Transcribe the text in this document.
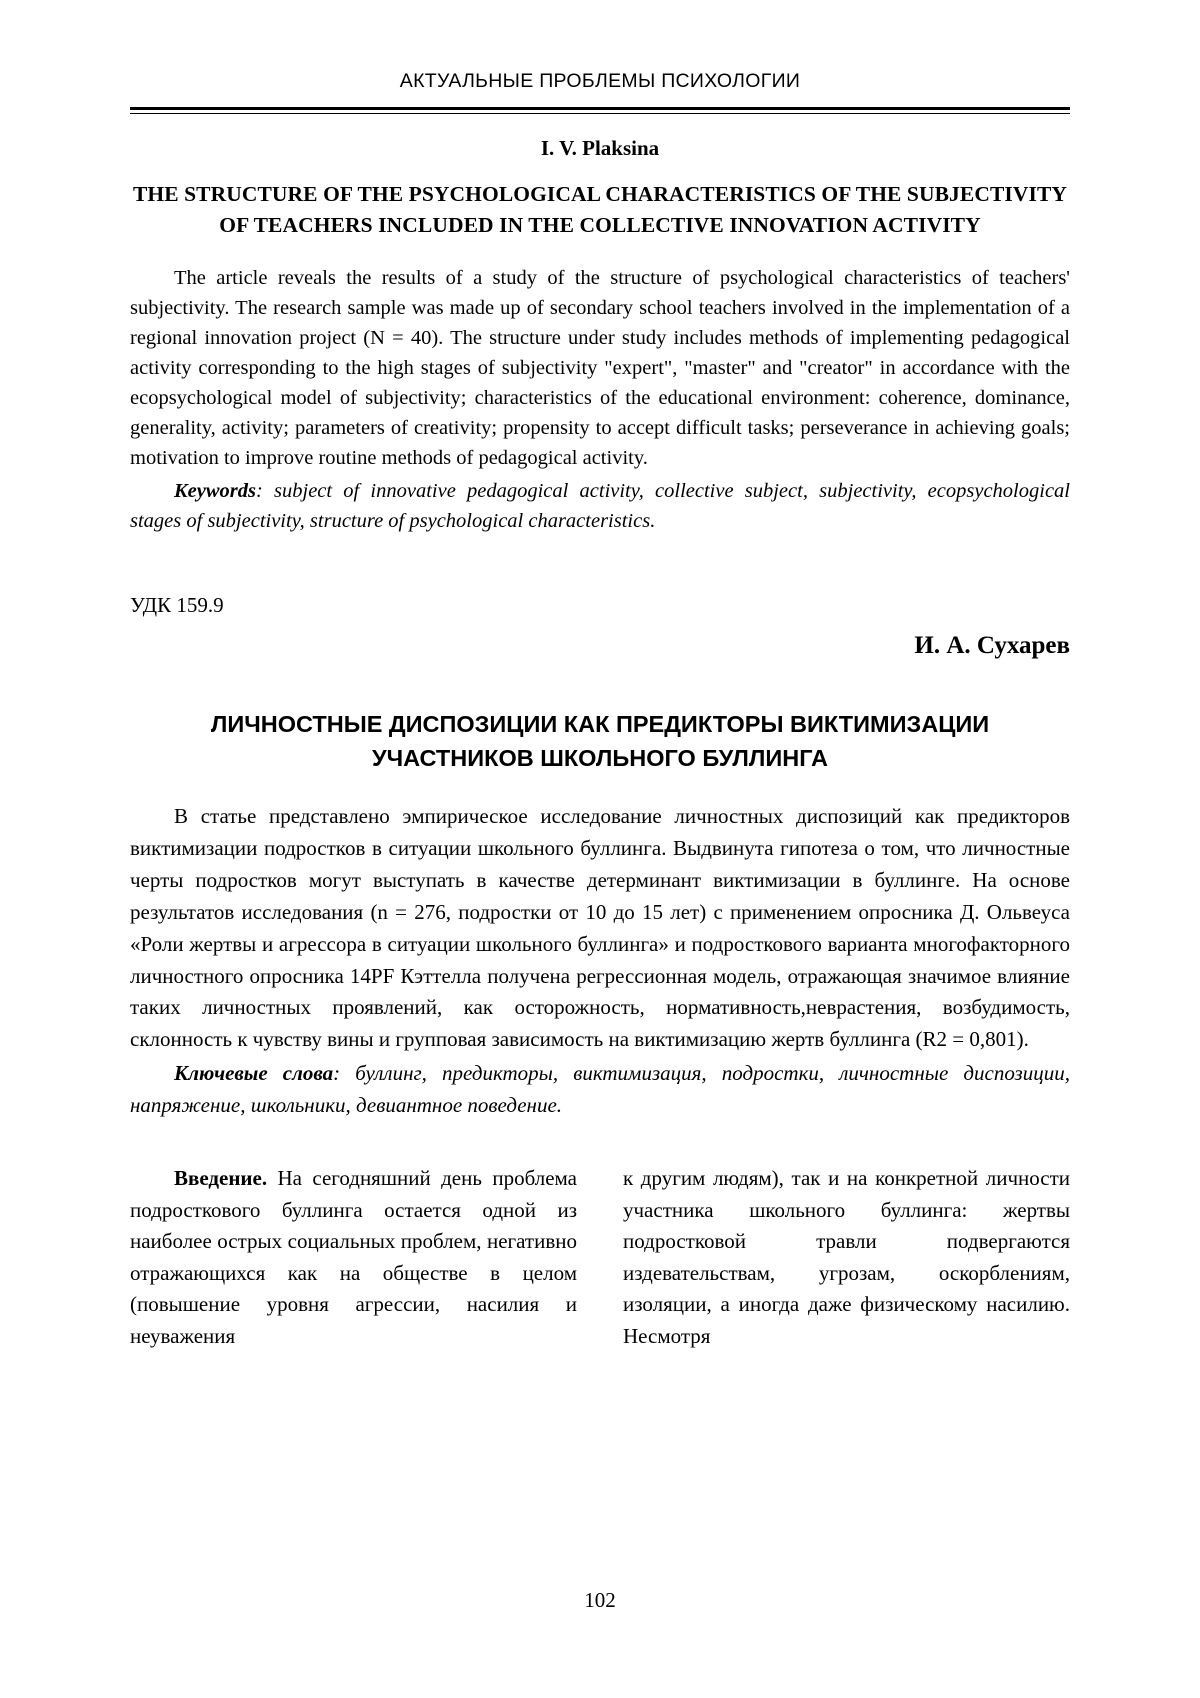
АКТУАЛЬНЫЕ ПРОБЛЕМЫ ПСИХОЛОГИИ
I. V. Plaksina
THE STRUCTURE OF THE PSYCHOLOGICAL CHARACTERISTICS OF THE SUBJECTIVITY OF TEACHERS INCLUDED IN THE COLLECTIVE INNOVATION ACTIVITY

The article reveals the results of a study of the structure of psychological characteristics of teachers' subjectivity. The research sample was made up of secondary school teachers involved in the implementation of a regional innovation project (N = 40). The structure under study includes methods of implementing pedagogical activity corresponding to the high stages of subjectivity "expert", "master" and "creator" in accordance with the ecopsychological model of subjectivity; characteristics of the educational environment: coherence, dominance, generality, activity; parameters of creativity; propensity to accept difficult tasks; perseverance in achieving goals; motivation to improve routine methods of pedagogical activity.

Keywords: subject of innovative pedagogical activity, collective subject, subjectivity, ecopsychological stages of subjectivity, structure of psychological characteristics.

УДК 159.9
И. А. Сухарев
ЛИЧНОСТНЫЕ ДИСПОЗИЦИИ КАК ПРЕДИКТОРЫ ВИКТИМИЗАЦИИ УЧАСТНИКОВ ШКОЛЬНОГО БУЛЛИНГА

В статье представлено эмпирическое исследование личностных диспозиций как предикторов виктимизации подростков в ситуации школьного буллинга. Выдвинута гипотеза о том, что личностные черты подростков могут выступать в качестве детерминант виктимизации в буллинге. На основе результатов исследования (n = 276, подростки от 10 до 15 лет) с применением опросника Д. Ольвеуса «Роли жертвы и агрессора в ситуации школьного буллинга» и подросткового варианта многофакторного личностного опросника 14PF Кэттелла получена регрессионная модель, отражающая значимое влияние таких личностных проявлений, как осторожность, нормативность,неврастения, возбудимость, склонность к чувству вины и групповая зависимость на виктимизацию жертв буллинга (R2 = 0,801).

Ключевые слова: буллинг, предикторы, виктимизация, подростки, личностные диспозиции, напряжение, школьники, девиантное поведение.

Введение. На сегодняшний день проблема подросткового буллинга остается одной из наиболее острых социальных проблем, негативно отражающихся как на обществе в целом (повышение уровня агрессии, насилия и неуважения

к другим людям), так и на конкретной личности участника школьного буллинга: жертвы подростковой травли подвергаются издевательствам, угрозам, оскорблениям, изоляции, а иногда даже физическому насилию. Несмотря

102
